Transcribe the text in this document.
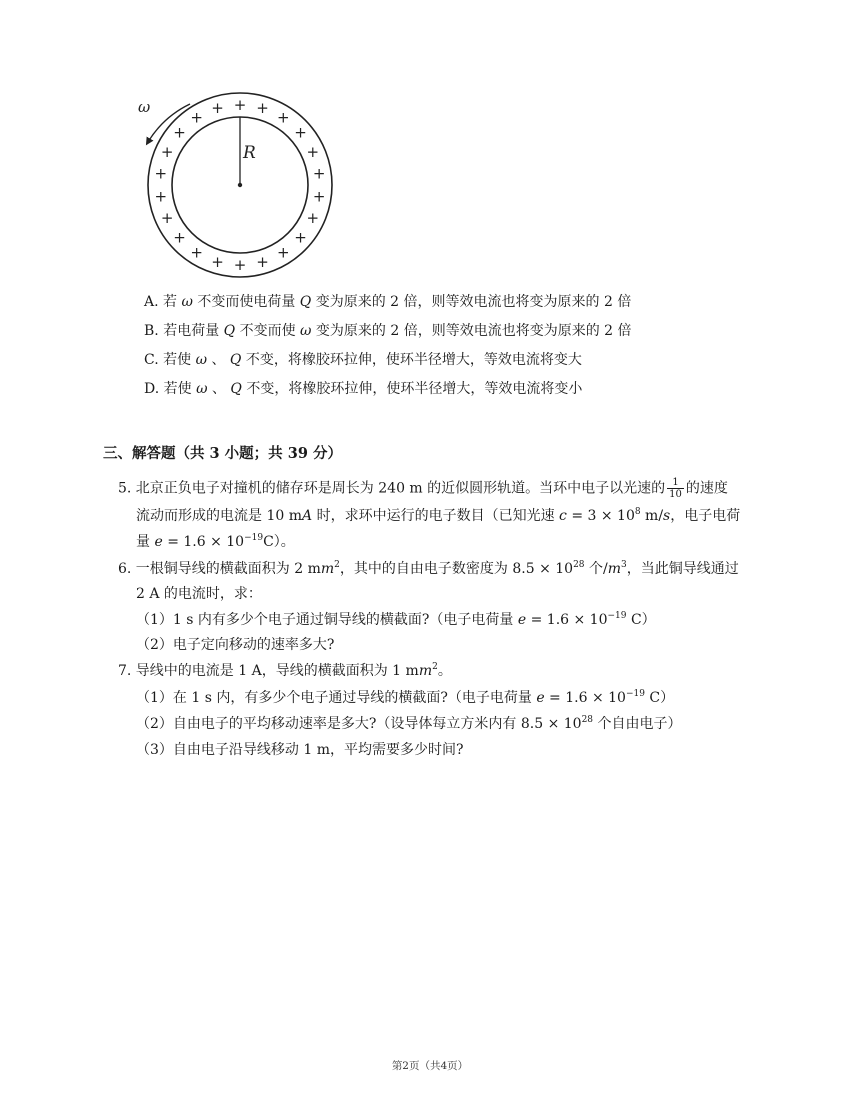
ω
R
+ +
+
+
+
+
+
+
+
+
+
+
+
+
+
+
+
+
+
+
+
+
A. 若 ω 不变而使电荷量 Q 变为原来的 2 倍，则等效电流也将变为原来的 2 倍
B. 若电荷量 Q 不变而使 ω 变为原来的 2 倍，则等效电流也将变为原来的 2 倍
C. 若使 ω 、 Q 不变，将橡胶环拉伸，使环半径增大，等效电流将变大
D. 若使 ω 、 Q 不变，将橡胶环拉伸，使环半径增大，等效电流将变小
三、解答题（共 3 小题；共 39 分）
5. 北京正负电子对撞机的储存环是周长为 240 m 的近似圆形轨道。当环中电子以光速的 $\frac{1}{10}$ 的速度
流动而形成的电流是 10 mA 时，求环中运行的电子数目（已知光速 $c = 3 \times 10^8$ m/s，电子电荷
量 $e = 1.6 \times 10^{-19}C$）。
6. 一根铜导线的横截面积为 2 $mm^2$，其中的自由电子数密度为 $8.5 \times 10^{28}$ 个$/m^3$，当此铜导线通过
2 A 的电流时，求：
（1）1 s 内有多少个电子通过铜导线的横截面?（电子电荷量 $e = 1.6 \times 10^{-19}$ C）
（2）电子定向移动的速率多大?
7. 导线中的电流是 1 A，导线的横截面积为 1 $mm^2$。
（1）在 1 s 内，有多少个电子通过导线的横截面?（电子电荷量 $e = 1.6 \times 10^{-19}$ C）
（2）自由电子的平均移动速率是多大?（设导体每立方米内有 $8.5 \times 10^{28}$ 个自由电子）
（3）自由电子沿导线移动 1 m，平均需要多少时间?
第2页（共4页）
